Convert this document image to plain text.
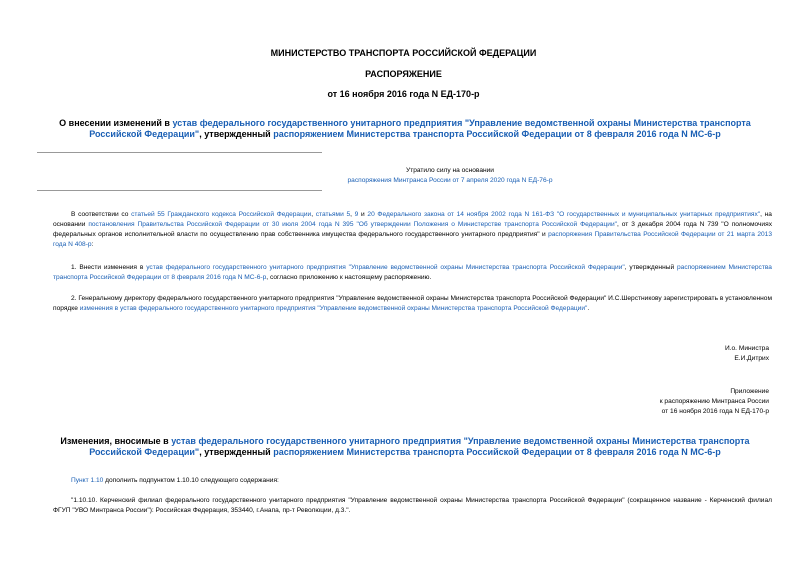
МИНИСТЕРСТВО ТРАНСПОРТА РОССИЙСКОЙ ФЕДЕРАЦИИ
РАСПОРЯЖЕНИЕ
от 16 ноября 2016 года N ЕД-170-р
О внесении изменений в устав федерального государственного унитарного предприятия "Управление ведомственной охраны Министерства транспорта Российской Федерации", утвержденный распоряжением Министерства транспорта Российской Федерации от 8 февраля 2016 года N МС-6-р
Утратило силу на основании
распоряжения Минтранса России от 7 апреля 2020 года N ЕД-76-р
В соответствии со статьей 55 Гражданского кодекса Российской Федерации, статьями 5, 9 и 20 Федерального закона от 14 ноября 2002 года N 161-ФЗ "О государственных и муниципальных унитарных предприятиях", на основании постановления Правительства Российской Федерации от 30 июля 2004 года N 395 "Об утверждении Положения о Министерстве транспорта Российской Федерации", от 3 декабря 2004 года N 739 "О полномочиях федеральных органов исполнительной власти по осуществлению прав собственника имущества федерального государственного унитарного предприятия" и распоряжения Правительства Российской Федерации от 21 марта 2013 года N 408-р:
1. Внести изменения в устав федерального государственного унитарного предприятия "Управление ведомственной охраны Министерства транспорта Российской Федерации", утвержденный распоряжением Министерства транспорта Российской Федерации от 8 февраля 2016 года N МС-6-р, согласно приложению к настоящему распоряжению.
2. Генеральному директору федерального государственного унитарного предприятия "Управление ведомственной охраны Министерства транспорта Российской Федерации" И.С.Шерстникову зарегистрировать в установленном порядке изменения в устав федерального государственного унитарного предприятия "Управление ведомственной охраны Министерства транспорта Российской Федерации".
И.о. Министра
Е.И.Дитрих
Приложение
к распоряжению Минтранса России
от 16 ноября 2016 года N ЕД-170-р
Изменения, вносимые в устав федерального государственного унитарного предприятия "Управление ведомственной охраны Министерства транспорта Российской Федерации", утвержденный распоряжением Министерства транспорта Российской Федерации от 8 февраля 2016 года N МС-6-р
Пункт 1.10 дополнить подпунктом 1.10.10 следующего содержания:
"1.10.10. Керченский филиал федерального государственного унитарного предприятия "Управление ведомственной охраны Министерства транспорта Российской Федерации" (сокращенное название - Керченский филиал ФГУП "УВО Минтранса России"): Российская Федерация, 353440, г.Анапа, пр-т Революции, д.3.".
